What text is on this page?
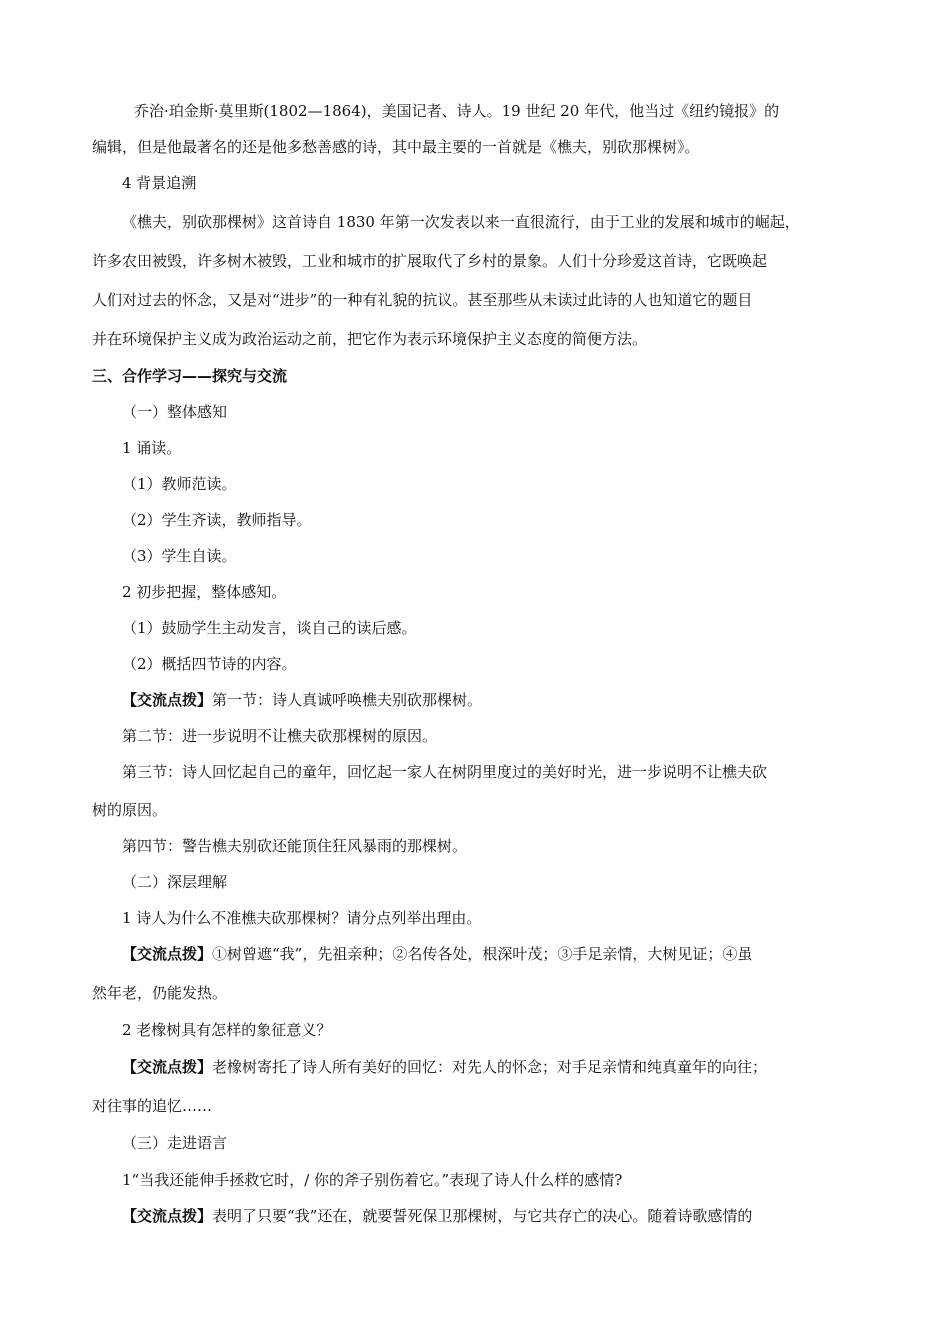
乔治·珀金斯·莫里斯(1802—1864)，美国记者、诗人。19 世纪 20 年代，他当过《纽约镜报》的
编辑，但是他最著名的还是他多愁善感的诗，其中最主要的一首就是《樵夫，别砍那棵树》。
4 背景追溯
《樵夫，别砍那棵树》这首诗自 1830 年第一次发表以来一直很流行，由于工业的发展和城市的崛起，
许多农田被毁，许多树木被毁，工业和城市的扩展取代了乡村的景象。人们十分珍爱这首诗，它既唤起
人们对过去的怀念，又是对“进步”的一种有礼貌的抗议。甚至那些从未读过此诗的人也知道它的题目
并在环境保护主义成为政治运动之前，把它作为表示环境保护主义态度的简便方法。
三、合作学习——探究与交流
（一）整体感知
1 诵读。
（1）教师范读。
（2）学生齐读，教师指导。
（3）学生自读。
2 初步把握，整体感知。
（1）鼓励学生主动发言，谈自己的读后感。
（2）概括四节诗的内容。
【交流点拨】第一节：诗人真诚呼唤樵夫别砍那棵树。
第二节：进一步说明不让樵夫砍那棵树的原因。
第三节：诗人回忆起自己的童年，回忆起一家人在树阴里度过的美好时光，进一步说明不让樵夫砍
树的原因。
第四节：警告樵夫别砍还能顶住狂风暴雨的那棵树。
（二）深层理解
1 诗人为什么不准樵夫砍那棵树？请分点列举出理由。
【交流点拨】①树曾遮“我”，先祖亲种；②名传各处，根深叶茂；③手足亲情，大树见证；④虽
然年老，仍能发热。
2 老橡树具有怎样的象征意义？
【交流点拨】老橡树寄托了诗人所有美好的回忆：对先人的怀念；对手足亲情和纯真童年的向往；
对往事的追忆……
（三）走进语言
1“当我还能伸手拯救它时，/ 你的斧子别伤着它。”表现了诗人什么样的感情?
【交流点拨】表明了只要“我”还在，就要誓死保卫那棵树，与它共存亡的决心。随着诗歌感情的
